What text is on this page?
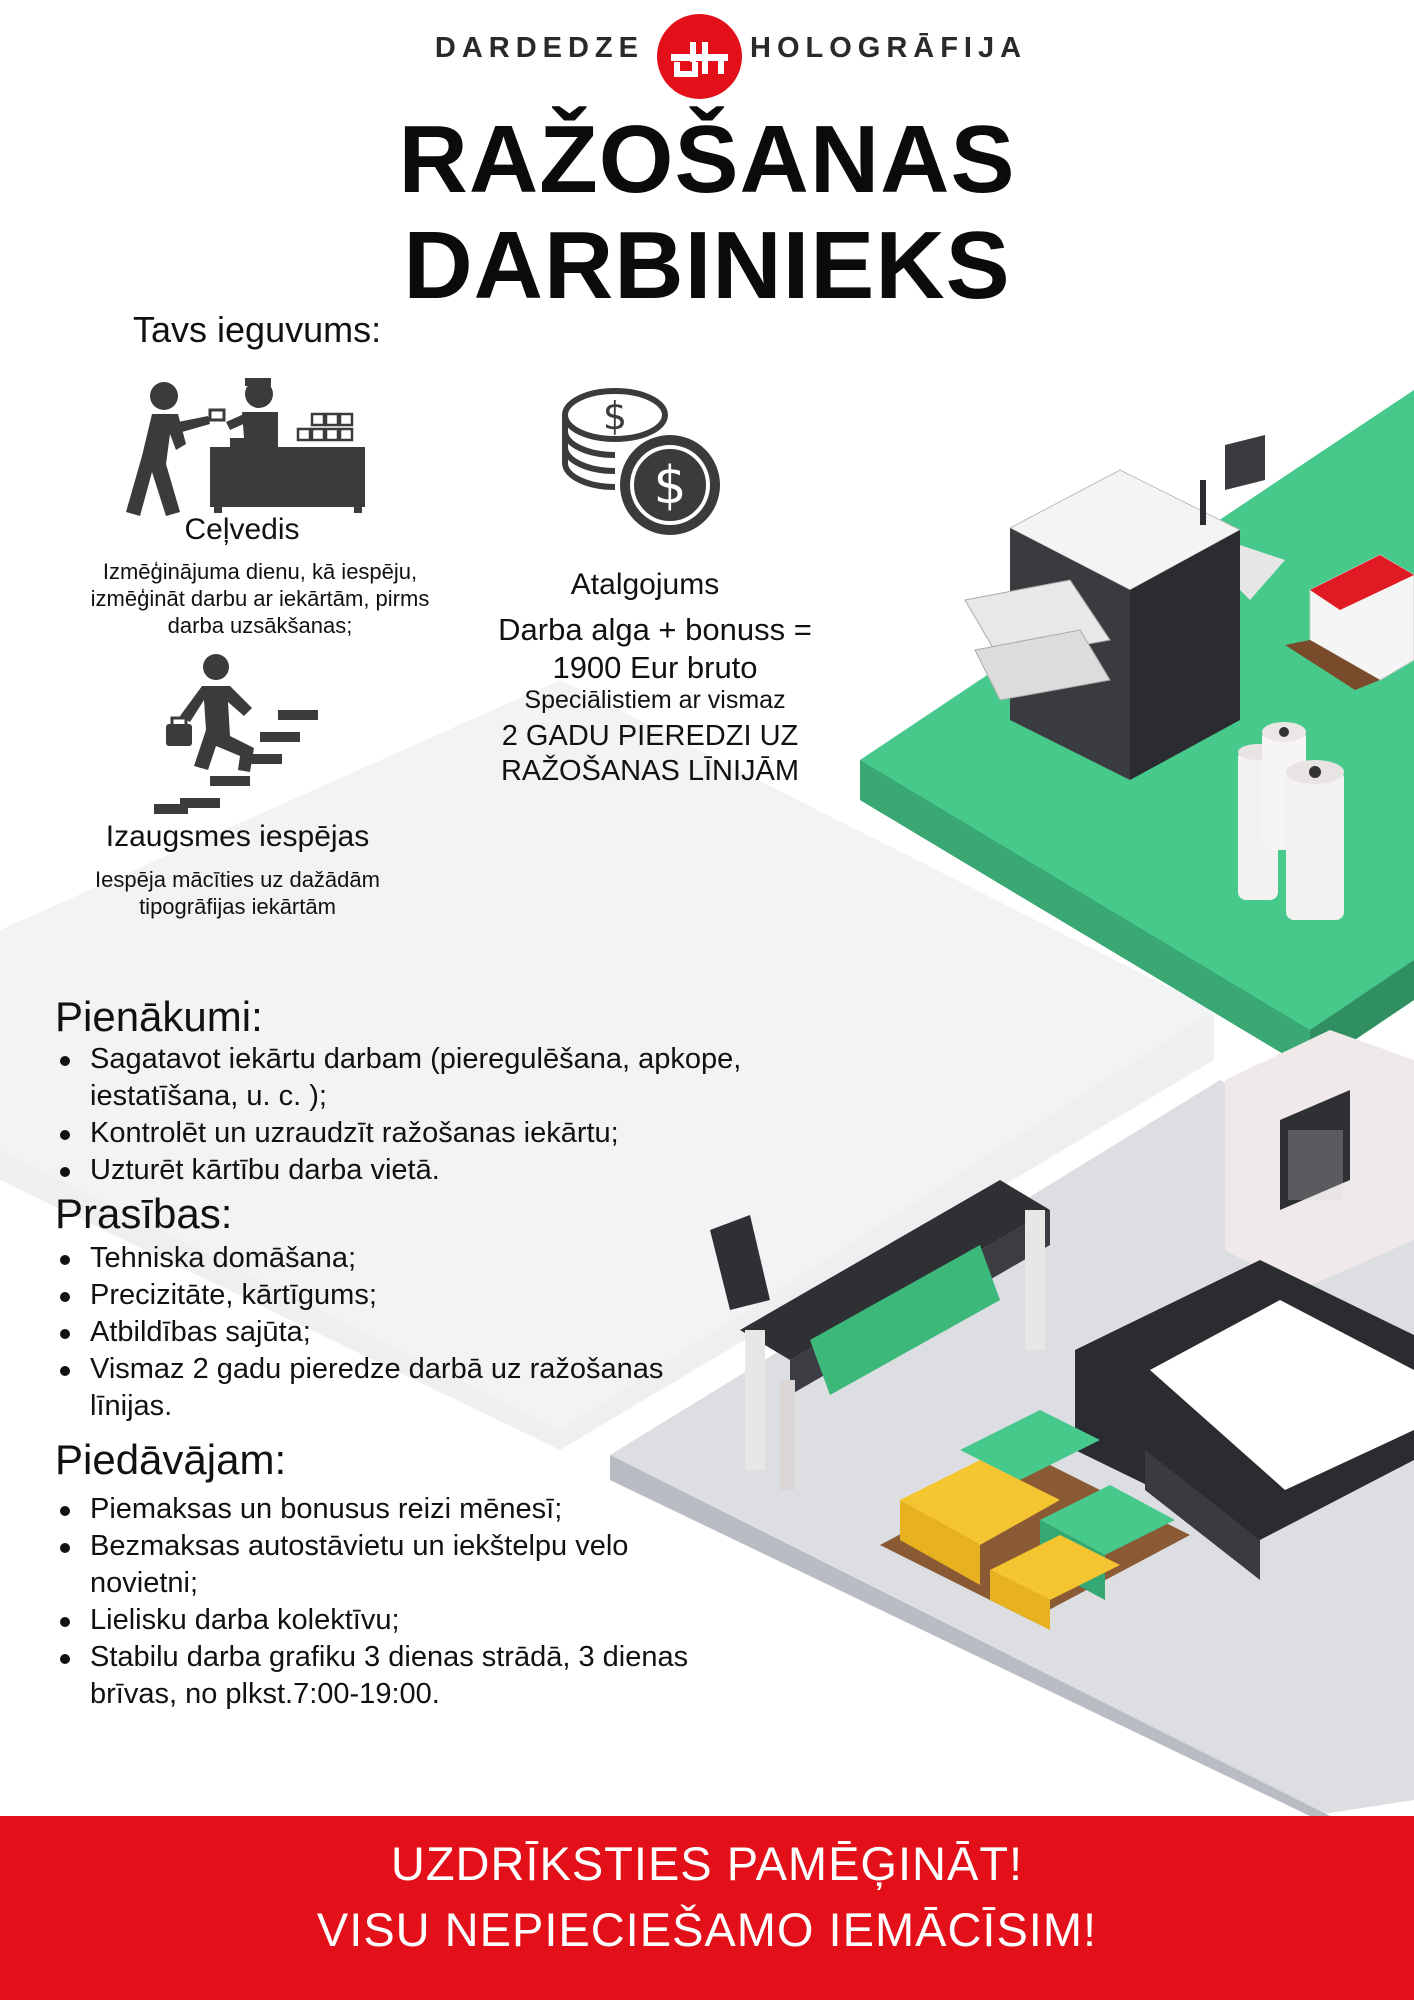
DARDEDZE	HOLOGRĀFIJA
RAŽOŠANAS
DARBINIEKS
Tavs ieguvums:
Ceļvedis
Izmēģinājuma dienu, kā iespēju,
izmēģināt darbu ar iekārtām, pirms
darba uzsākšanas;
Izaugsmes iespējas
Iespēja mācīties uz dažādām
tipogrāfijas iekārtām
$
$
Atalgojums
Darba alga + bonuss =
1900 Eur bruto
Speciālistiem ar vismaz
2 GADU PIEREDZI UZ
RAŽOŠANAS LĪNIJĀM
Pienākumi:
Sagatavot iekārtu darbam (pieregulēšana, apkope,
iestatīšana, u. c. );
Kontrolēt un uzraudzīt ražošanas iekārtu;
Uzturēt kārtību darba vietā.
Prasības:
Tehniska domāšana;
Precizitāte, kārtīgums;
Atbildības sajūta;
Vismaz 2 gadu pieredze darbā uz ražošanas
līnijas.
Piedāvājam:
Piemaksas un bonusus reizi mēnesī;
Bezmaksas autostāvietu un iekštelpu velo
novietni;
Lielisku darba kolektīvu;
Stabilu darba grafiku 3 dienas strādā, 3 dienas
brīvas, no plkst.7:00-19:00.
UZDRĪKSTIES PAMĒĢINĀT!
VISU NEPIECIEŠAMO IEMĀCĪSIM!
